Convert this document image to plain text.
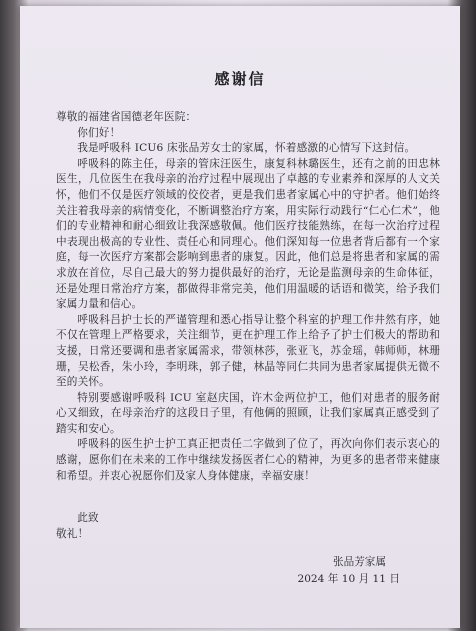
感谢信

尊敬的福建省国德老年医院：

你们好！

我是呼吸科 ICU6 床张品芳女士的家属，怀着感激的心情写下这封信。

呼吸科的陈主任，母亲的管床汪医生，康复科林璐医生，还有之前的田忠林医生，几位医生在我母亲的治疗过程中展现出了卓越的专业素养和深厚的人文关怀，他们不仅是医疗领域的佼佼者，更是我们患者家属心中的守护者。他们始终关注着我母亲的病情变化，不断调整治疗方案，用实际行动践行“仁心仁术”，他们的专业精神和耐心细致让我深感敬佩。他们医疗技能熟练，在每一次治疗过程中表现出极高的专业性、责任心和同理心。他们深知每一位患者背后都有一个家庭，每一次医疗方案都会影响到患者的康复。因此，他们总是将患者和家属的需求放在首位，尽自己最大的努力提供最好的治疗，无论是监测母亲的生命体征，还是处理日常治疗方案，都做得非常完美，他们用温暖的话语和微笑，给予我们家属力量和信心。

呼吸科吕护士长的严谨管理和悉心指导让整个科室的护理工作井然有序，她不仅在管理上严格要求，关注细节，更在护理工作上给予了护士们极大的帮助和支援，日常还要调和患者家属需求，带领林莎，张亚飞，苏金瑶，韩师师，林珊珊，吴松香，朱小玲，李明珠，郭子健，林晶等同仁共同为患者家属提供无微不至的关怀。

特别要感谢呼吸科 ICU 室赵庆国，许木金两位护工，他们对患者的服务耐心又细致，在母亲治疗的这段日子里，有他俩的照顾，让我们家属真正感受到了踏实和安心。

呼吸科的医生护士护工真正把责任二字做到了位了，再次向你们表示衷心的感谢，愿你们在未来的工作中继续发扬医者仁心的精神，为更多的患者带来健康和希望。并衷心祝愿你们及家人身体健康，幸福安康！

此致

敬礼！

张品芳家属
2024 年 10 月 11 日
